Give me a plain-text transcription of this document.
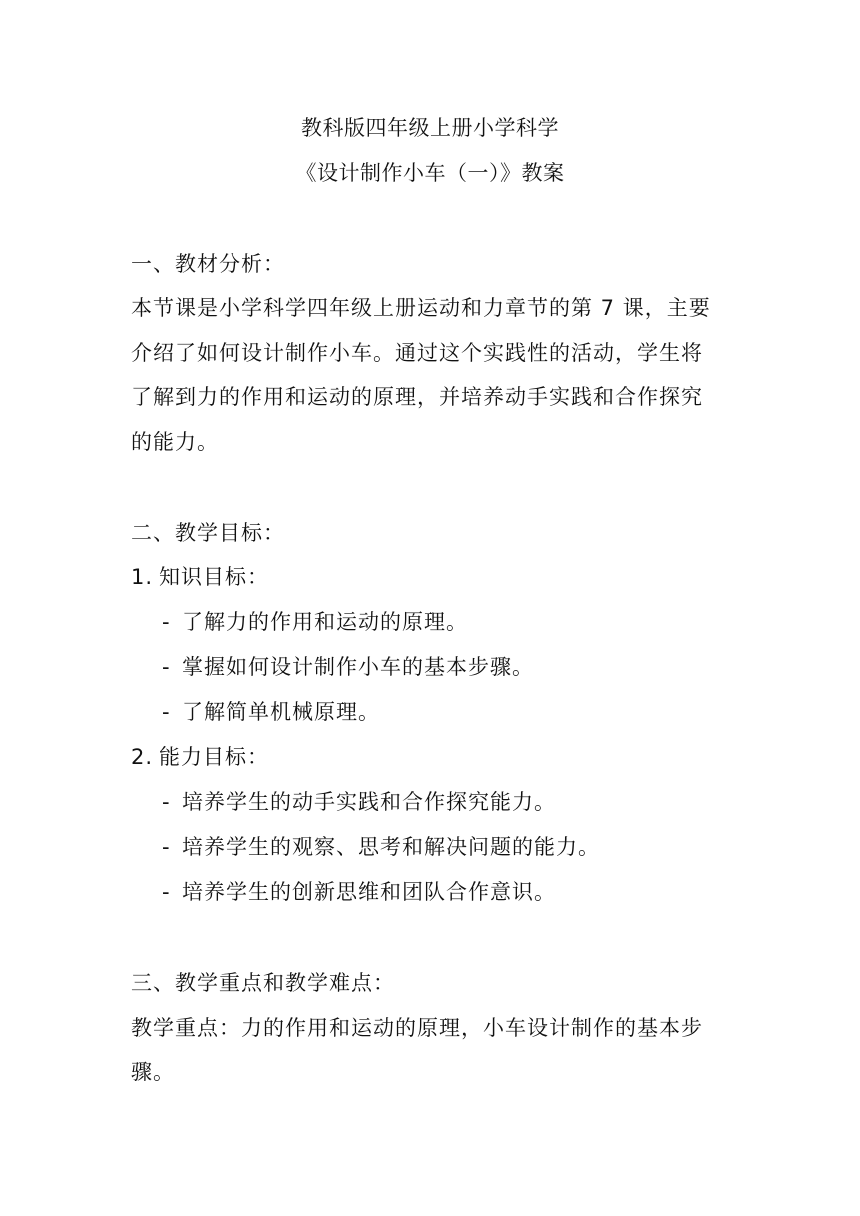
教科版四年级上册小学科学
《设计制作小车（一）》教案
一、教材分析：
本节课是小学科学四年级上册运动和力章节的第 7 课，主要
介绍了如何设计制作小车。通过这个实践性的活动，学生将
了解到力的作用和运动的原理，并培养动手实践和合作探究
的能力。
二、教学目标：
1. 知识目标：
- 了解力的作用和运动的原理。
- 掌握如何设计制作小车的基本步骤。
- 了解简单机械原理。
2. 能力目标：
- 培养学生的动手实践和合作探究能力。
- 培养学生的观察、思考和解决问题的能力。
- 培养学生的创新思维和团队合作意识。
三、教学重点和教学难点：
教学重点：力的作用和运动的原理，小车设计制作的基本步
骤。
